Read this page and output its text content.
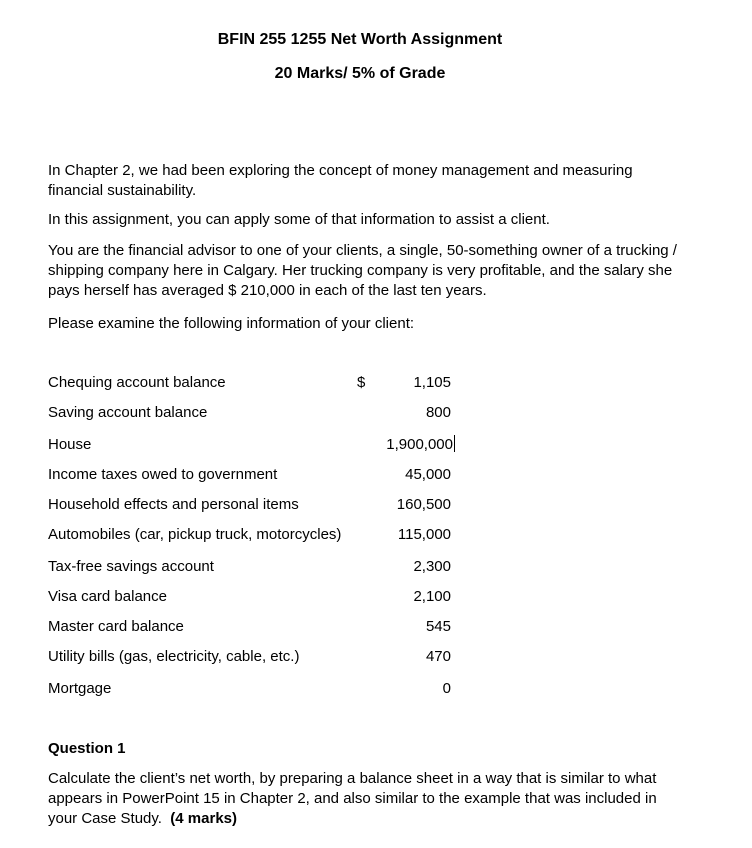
BFIN 255 1255 Net Worth Assignment
20 Marks/ 5% of Grade
In Chapter 2, we had been exploring the concept of money management and measuring financial sustainability.
In this assignment, you can apply some of that information to assist a client.
You are the financial advisor to one of your clients, a single, 50-something owner of a trucking / shipping company here in Calgary. Her trucking company is very profitable, and the salary she pays herself has averaged $ 210,000 in each of the last ten years.
Please examine the following information of your client:
$
Chequing account balance	1,105
Saving account balance	800
House	1,900,000
Income taxes owed to government	45,000
Household effects and personal items	160,500
Automobiles (car, pickup truck, motorcycles)	115,000
Tax-free savings account	2,300
Visa card balance	2,100
Master card balance	545
Utility bills (gas, electricity, cable, etc.)	470
Mortgage	0
Question 1
Calculate the client’s net worth, by preparing a balance sheet in a way that is similar to what appears in PowerPoint 15 in Chapter 2, and also similar to the example that was included in your Case Study. (4 marks)
